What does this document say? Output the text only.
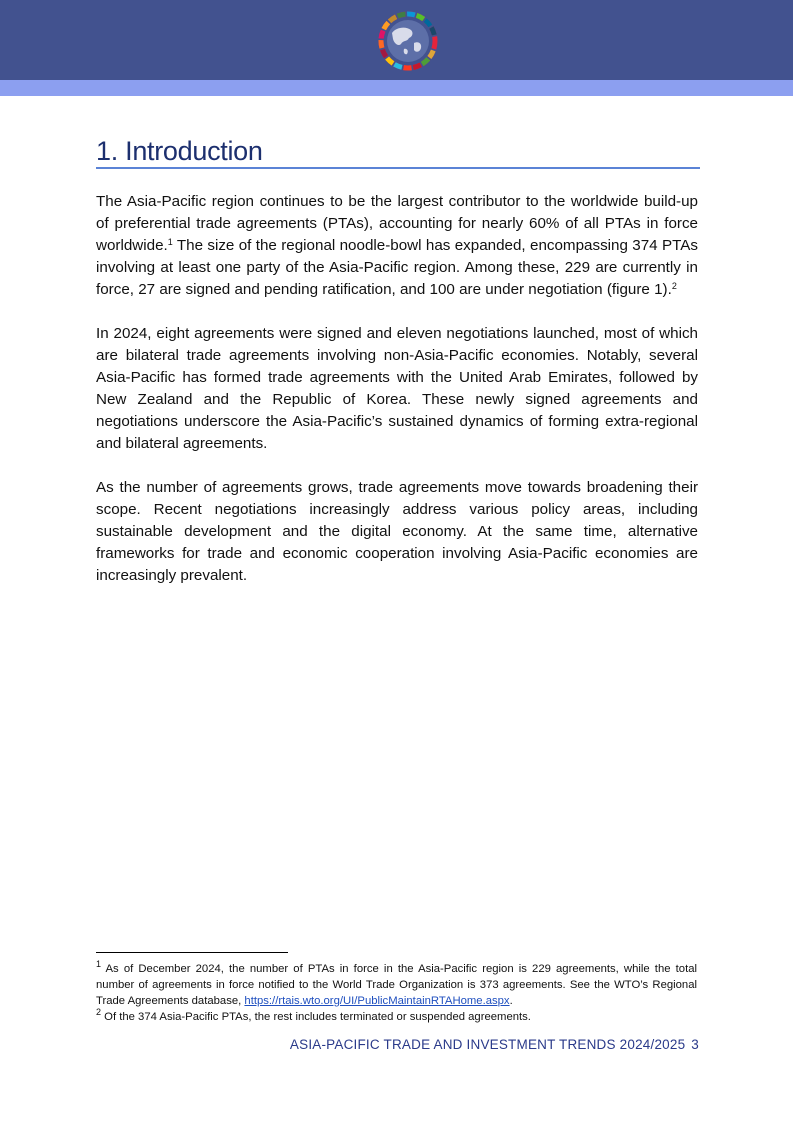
1. Introduction

The Asia-Pacific region continues to be the largest contributor to the worldwide build-up of preferential trade agreements (PTAs), accounting for nearly 60% of all PTAs in force worldwide.$^1$ The size of the regional noodle-bowl has expanded, encompassing 374 PTAs involving at least one party of the Asia-Pacific region. Among these, 229 are currently in force, 27 are signed and pending ratification, and 100 are under negotiation (figure 1).$^2$

In 2024, eight agreements were signed and eleven negotiations launched, most of which are bilateral trade agreements involving non-Asia-Pacific economies. Notably, several Asia-Pacific has formed trade agreements with the United Arab Emirates, followed by New Zealand and the Republic of Korea. These newly signed agreements and negotiations underscore the Asia-Pacific’s sustained dynamics of forming extra-regional and bilateral agreements.

As the number of agreements grows, trade agreements move towards broadening their scope. Recent negotiations increasingly address various policy areas, including sustainable development and the digital economy. At the same time, alternative frameworks for trade and economic cooperation involving Asia-Pacific economies are increasingly prevalent.

$^1$ As of December 2024, the number of PTAs in force in the Asia-Pacific region is 229 agreements, while the total number of agreements in force notified to the World Trade Organization is 373 agreements. See the WTO’s Regional Trade Agreements database, https://rtais.wto.org/UI/PublicMaintainRTAHome.aspx.

$^2$ Of the 374 Asia-Pacific PTAs, the rest includes terminated or suspended agreements.

ASIA-PACIFIC TRADE AND INVESTMENT TRENDS 2024/2025 3
